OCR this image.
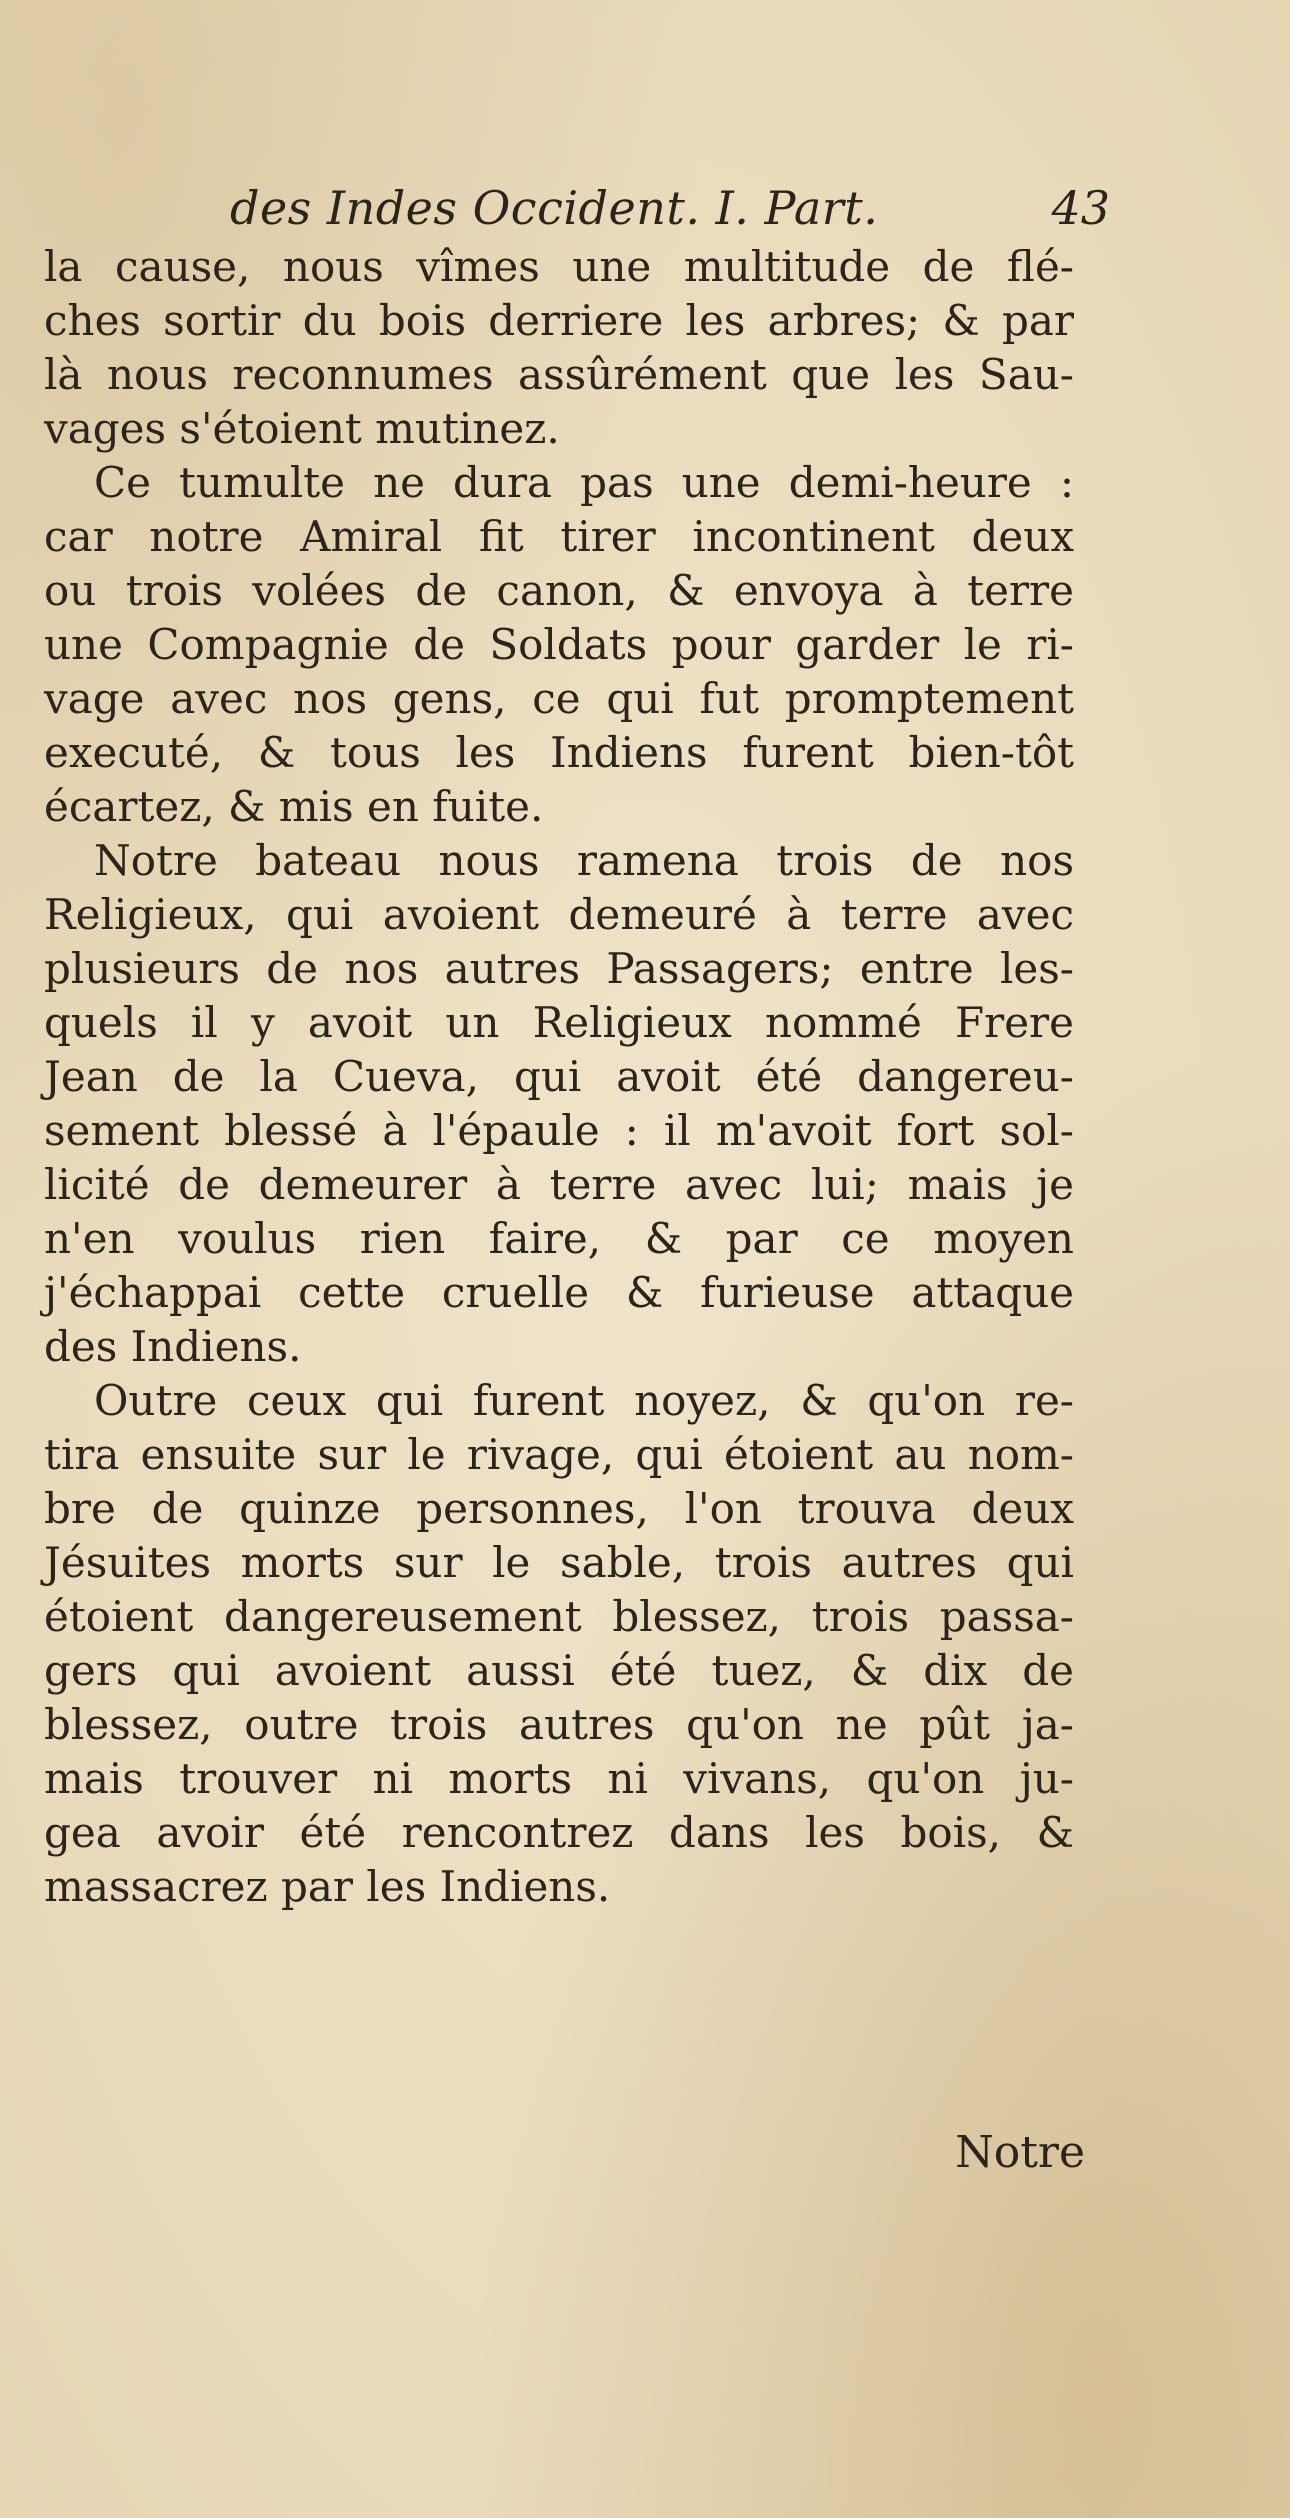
des Indes Occident. I. Part.	43
la cause, nous vîmes une multitude de flé-
ches sortir du bois derriere les arbres; & par
là nous reconnumes assûrément que les Sau-
vages s'étoient mutinez.
Ce tumulte ne dura pas une demi-heure :
car notre Amiral fit tirer incontinent deux
ou trois volées de canon, & envoya à terre
une Compagnie de Soldats pour garder le ri-
vage avec nos gens, ce qui fut promptement
executé, & tous les Indiens furent bien-tôt
écartez, & mis en fuite.
Notre bateau nous ramena trois de nos
Religieux, qui avoient demeuré à terre avec
plusieurs de nos autres Passagers; entre les-
quels il y avoit un Religieux nommé Frere
Jean de la Cueva, qui avoit été dangereu-
sement blessé à l'épaule : il m'avoit fort sol-
licité de demeurer à terre avec lui; mais je
n'en voulus rien faire, & par ce moyen
j'échappai cette cruelle & furieuse attaque
des Indiens.
Outre ceux qui furent noyez, & qu'on re-
tira ensuite sur le rivage, qui étoient au nom-
bre de quinze personnes, l'on trouva deux
Jésuites morts sur le sable, trois autres qui
étoient dangereusement blessez, trois passa-
gers qui avoient aussi été tuez, & dix de
blessez, outre trois autres qu'on ne pût ja-
mais trouver ni morts ni vivans, qu'on ju-
gea avoir été rencontrez dans les bois, &
massacrez par les Indiens.
Notre
